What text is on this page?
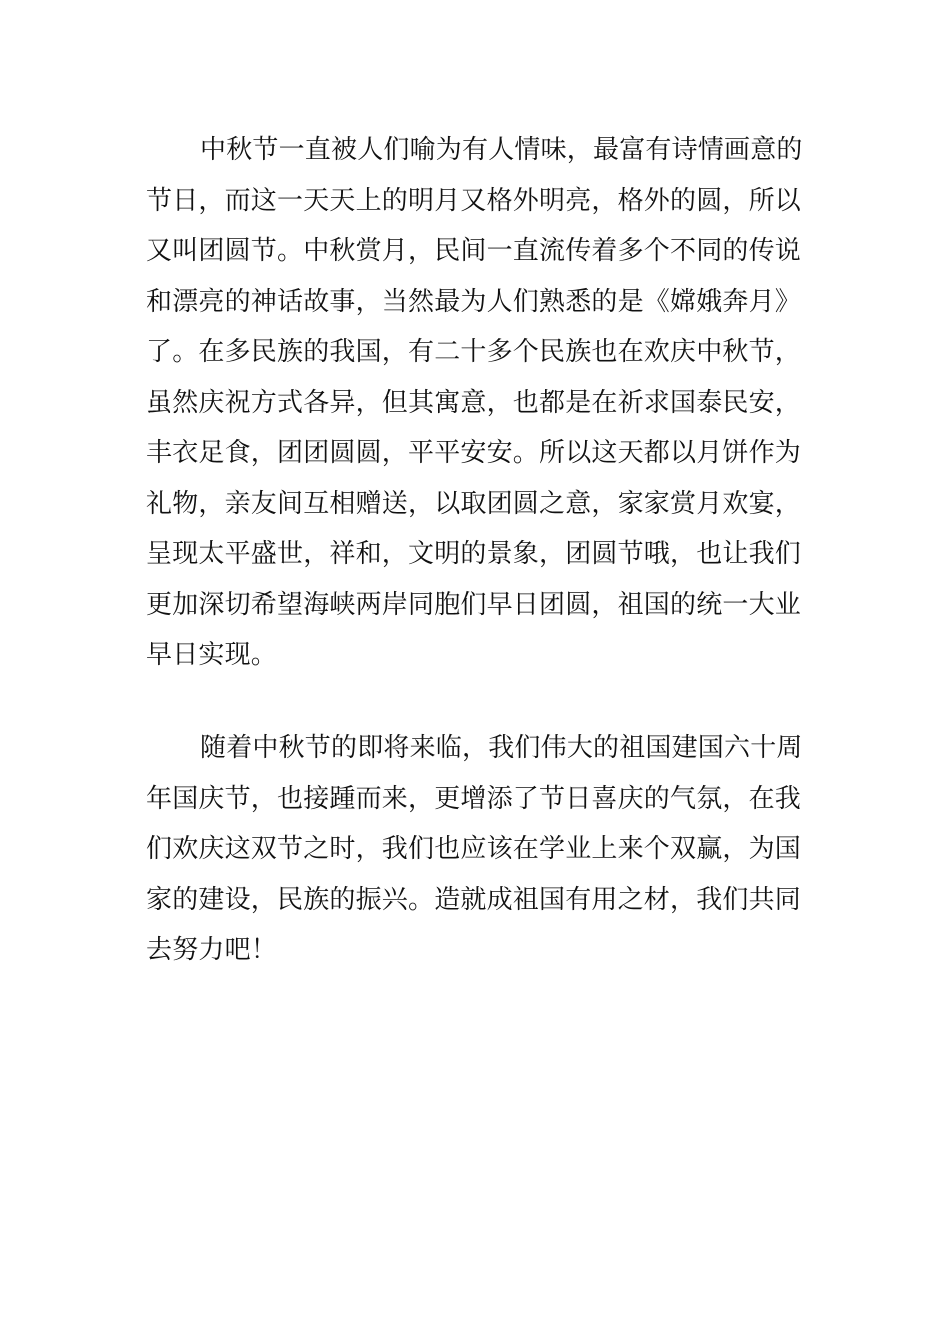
中秋节一直被人们喻为有人情味，最富有诗情画意的
节日，而这一天天上的明月又格外明亮，格外的圆，所以
又叫团圆节。中秋赏月，民间一直流传着多个不同的传说
和漂亮的神话故事，当然最为人们熟悉的是《嫦娥奔月》
了。在多民族的我国，有二十多个民族也在欢庆中秋节，
虽然庆祝方式各异，但其寓意，也都是在祈求国泰民安，
丰衣足食，团团圆圆，平平安安。所以这天都以月饼作为
礼物，亲友间互相赠送，以取团圆之意，家家赏月欢宴，
呈现太平盛世，祥和，文明的景象，团圆节哦，也让我们
更加深切希望海峡两岸同胞们早日团圆，祖国的统一大业
早日实现。

随着中秋节的即将来临，我们伟大的祖国建国六十周
年国庆节，也接踵而来，更增添了节日喜庆的气氛，在我
们欢庆这双节之时，我们也应该在学业上来个双赢，为国
家的建设，民族的振兴。造就成祖国有用之材，我们共同
去努力吧！
